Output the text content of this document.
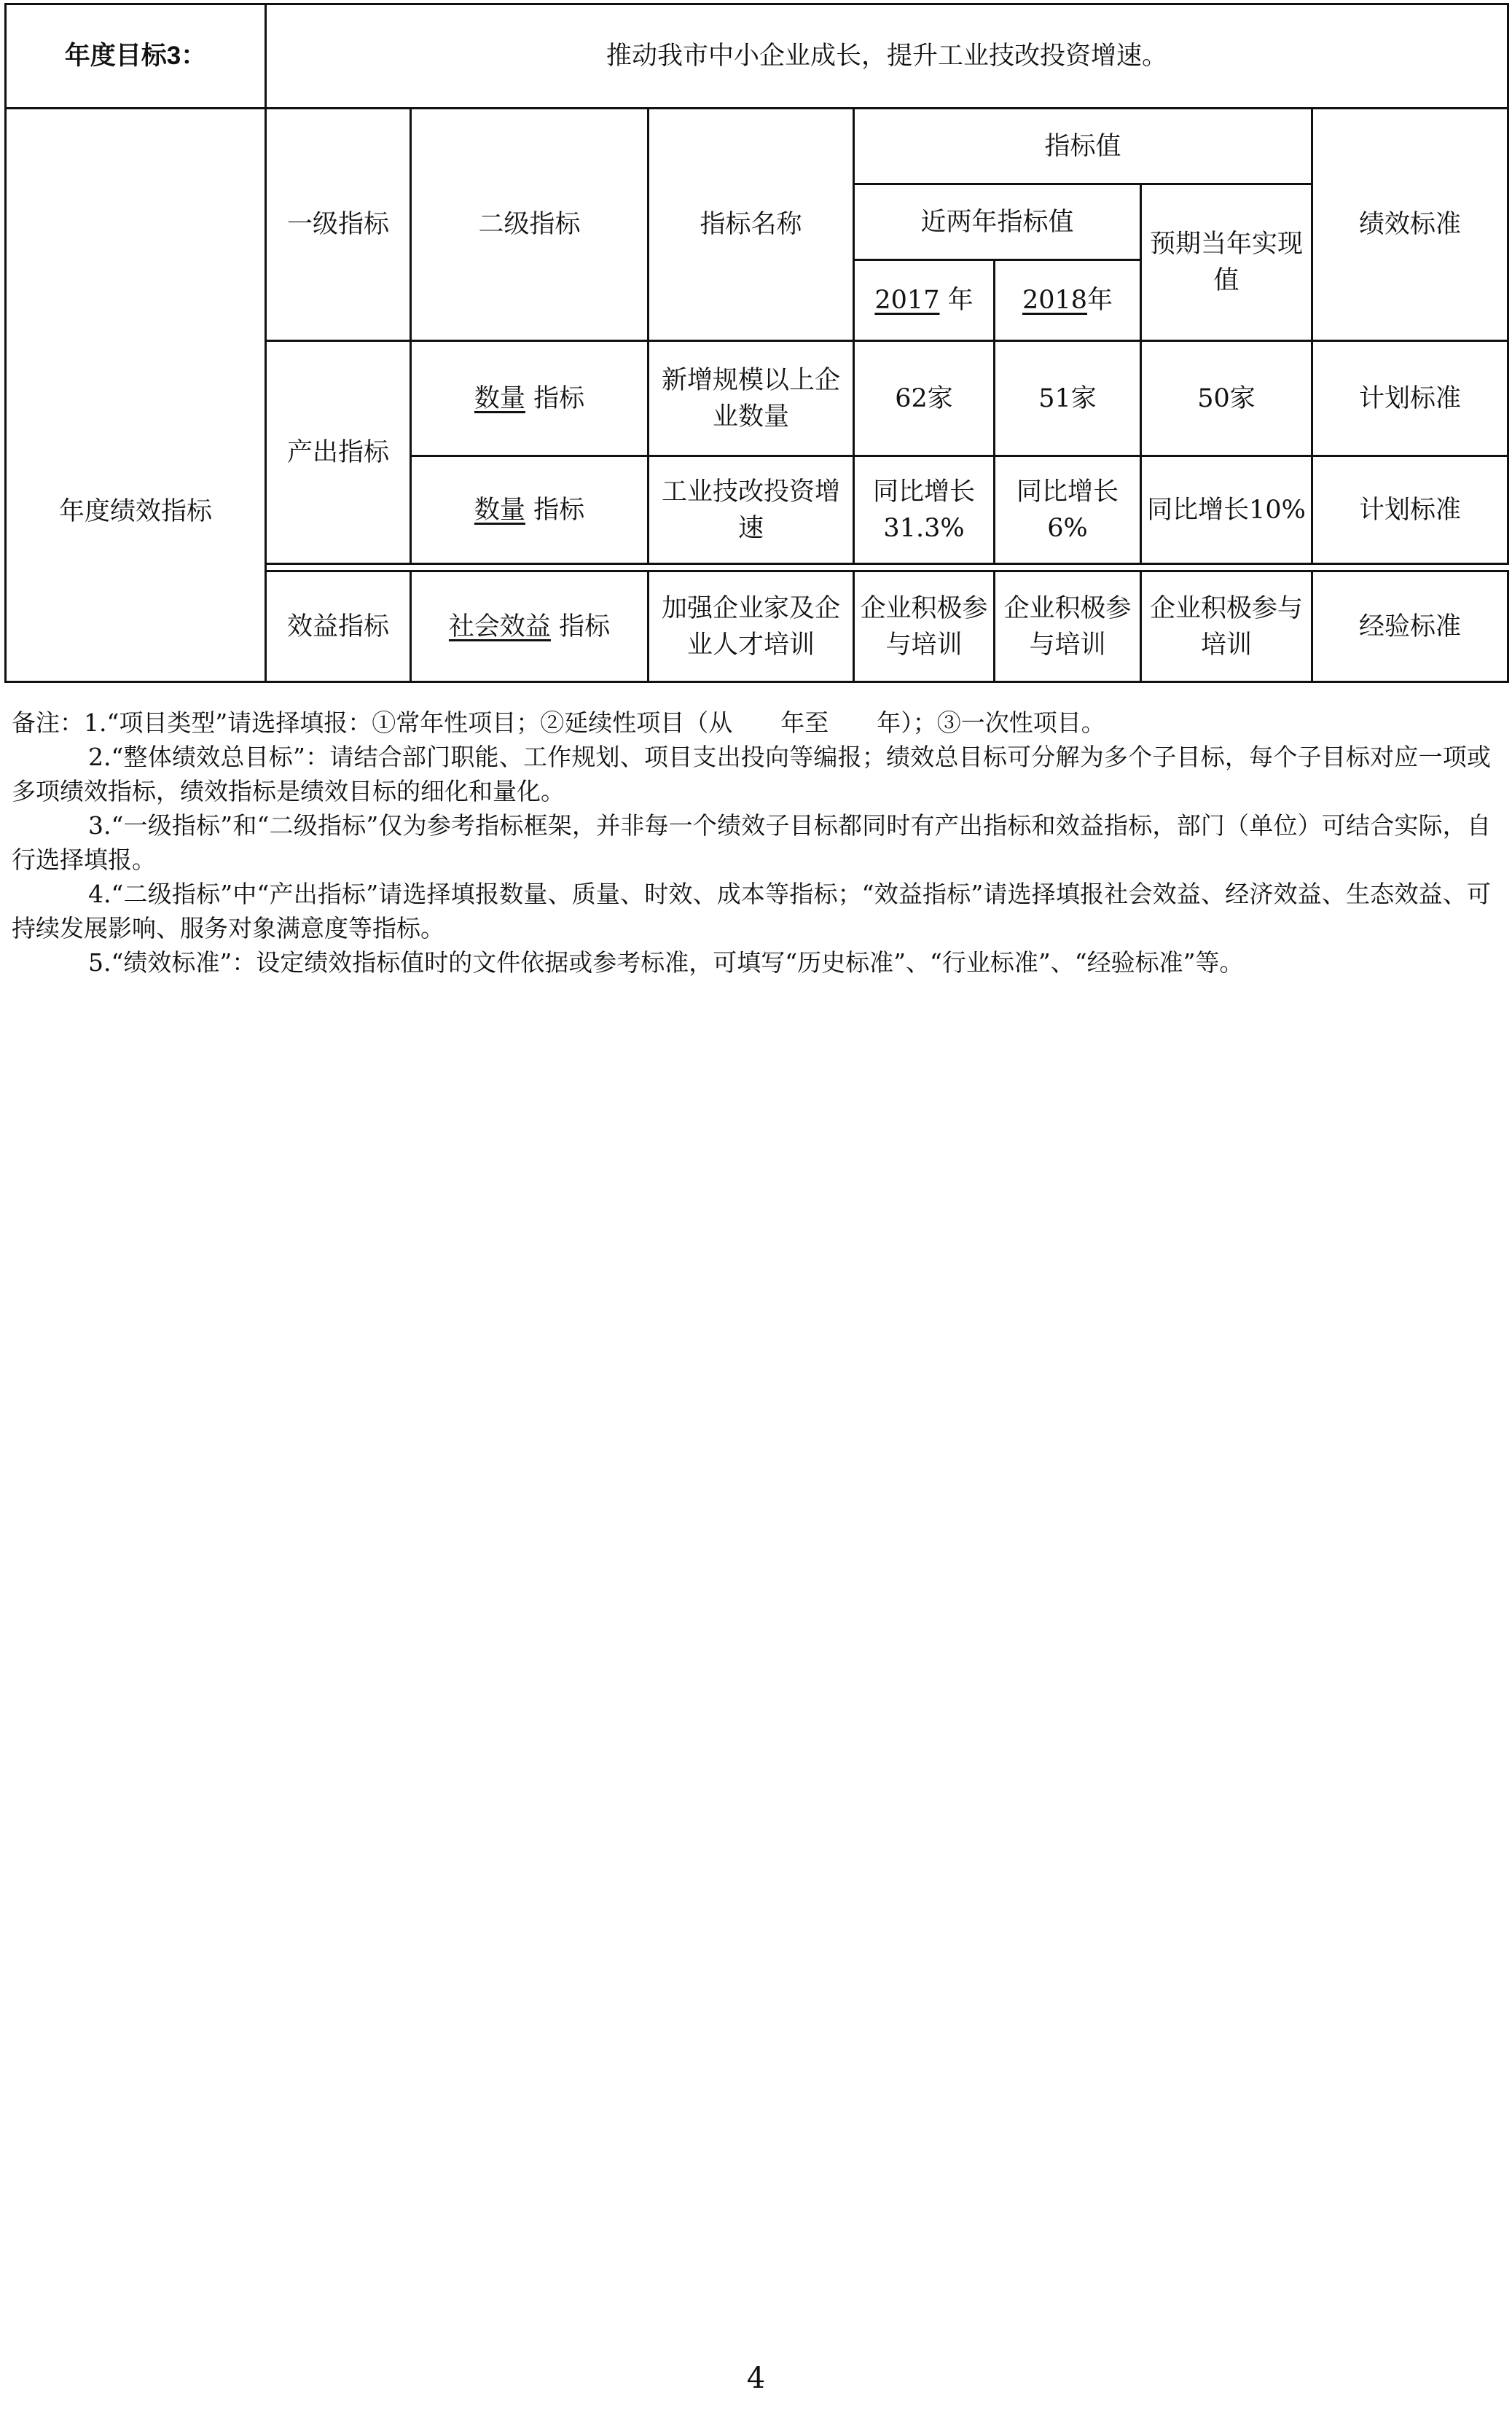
年度目标3：	推动我市中小企业成长，提升工业技改投资增速。						

年度绩效指标	一级指标	二级指标	指标名称	指标值			绩效标准
				近两年指标值		预期当年实现值	
				2017 年	2018年		
	产出指标	数量 指标	新增规模以上企业数量	62家	51家	50家	计划标准
		数量 指标	工业技改投资增速	同比增长31.3%	同比增长6%	同比增长10%	计划标准

	效益指标	社会效益 指标	加强企业家及企业人才培训	企业积极参与培训	企业积极参与培训	企业积极参与培训	经验标准

备注：1.“项目类型”请选择填报：①常年性项目；②延续性项目（从　　年至　　年）；③一次性项目。

2.“整体绩效总目标”：请结合部门职能、工作规划、项目支出投向等编报；绩效总目标可分解为多个子目标，每个子目标对应一项或多项绩效指标，绩效指标是绩效目标的细化和量化。

3.“一级指标”和“二级指标”仅为参考指标框架，并非每一个绩效子目标都同时有产出指标和效益指标，部门（单位）可结合实际，自行选择填报。

4.“二级指标”中“产出指标”请选择填报数量、质量、时效、成本等指标；“效益指标”请选择填报社会效益、经济效益、生态效益、可持续发展影响、服务对象满意度等指标。

5.“绩效标准”：设定绩效指标值时的文件依据或参考标准，可填写“历史标准”、“行业标准”、“经验标准”等。

4
